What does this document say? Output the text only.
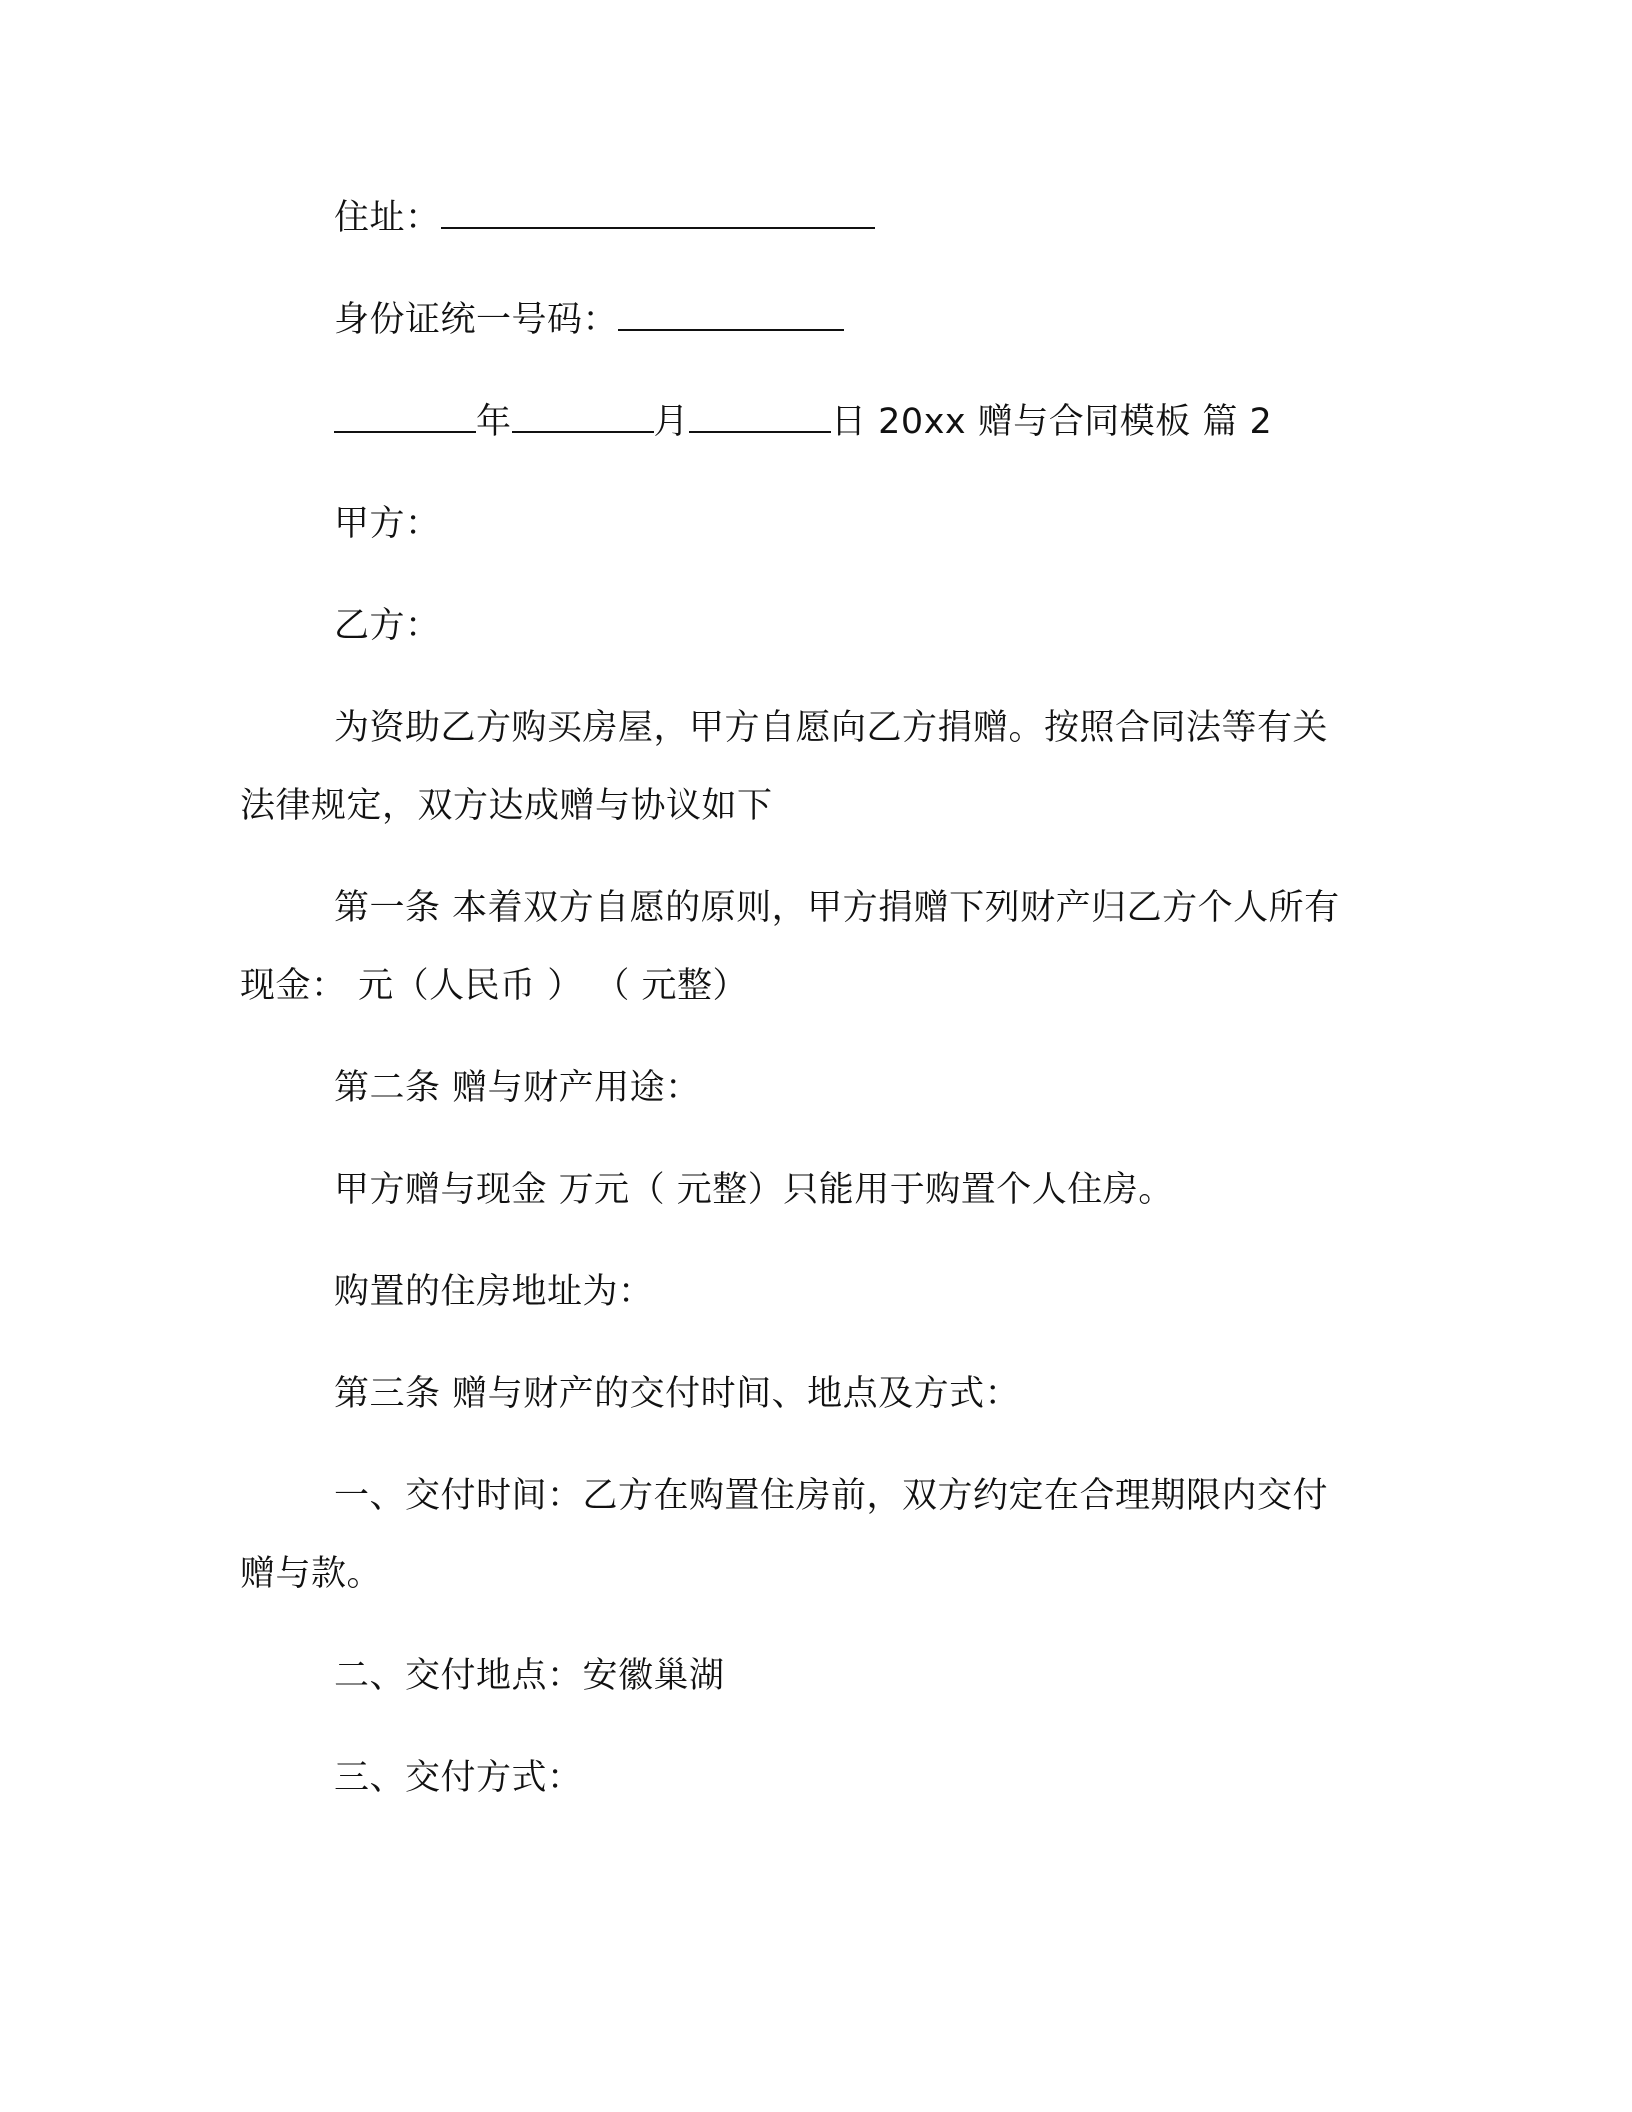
住址：
身份证统一号码：
年	月	日 20xx 赠与合同模板 篇 2
甲方：
乙方：
为资助乙方购买房屋，甲方自愿向乙方捐赠。按照合同法等有关
法律规定，双方达成赠与协议如下
第一条 本着双方自愿的原则，甲方捐赠下列财产归乙方个人所有
现金： 元（人民币 ） （ 元整）
第二条 赠与财产用途：
甲方赠与现金 万元（ 元整）只能用于购置个人住房。
购置的住房地址为：
第三条 赠与财产的交付时间、地点及方式：
一、交付时间：乙方在购置住房前，双方约定在合理期限内交付
赠与款。
二、交付地点：安徽巢湖
三、交付方式：
